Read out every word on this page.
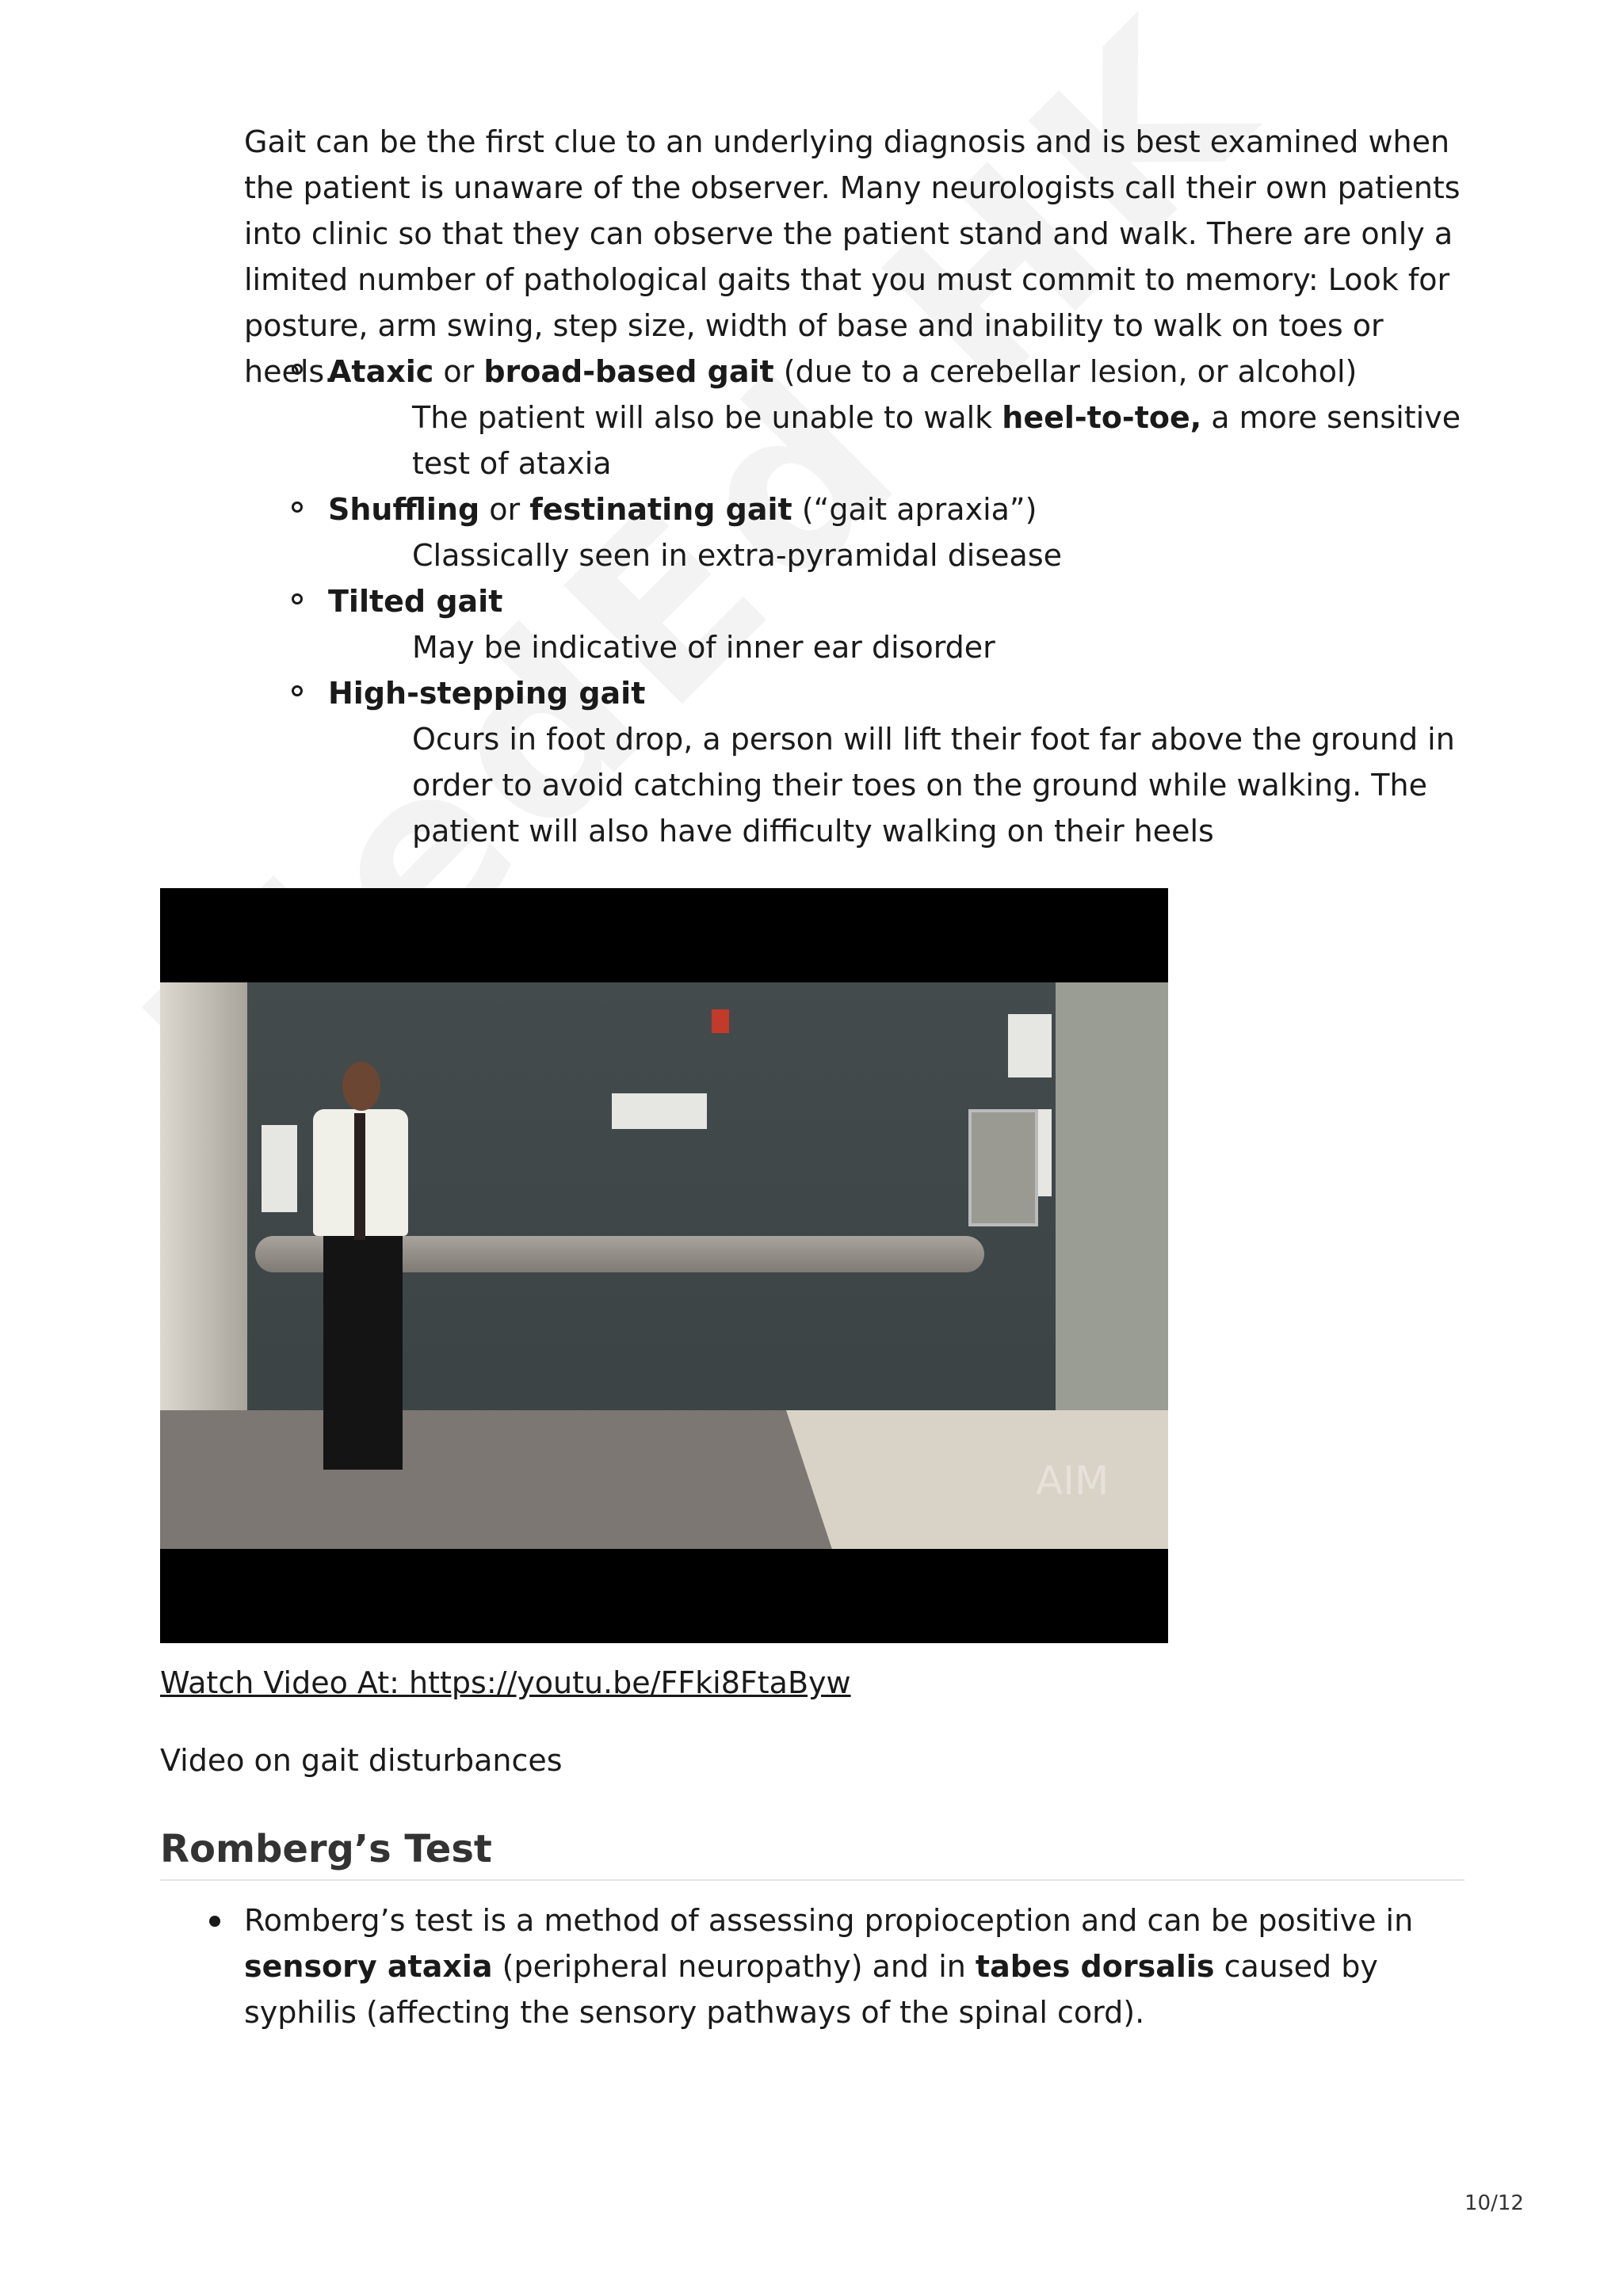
Gait can be the first clue to an underlying diagnosis and is best examined when the patient is unaware of the observer. Many neurologists call their own patients into clinic so that they can observe the patient stand and walk. There are only a limited number of pathological gaits that you must commit to memory: Look for posture, arm swing, step size, width of base and inability to walk on toes or heels.

Ataxic or broad-based gait (due to a cerebellar lesion, or alcohol)
The patient will also be unable to walk heel-to-toe, a more sensitive test of ataxia
Shuffling or festinating gait (“gait apraxia”)
Classically seen in extra-pyramidal disease
Tilted gait
May be indicative of inner ear disorder
High-stepping gait
Ocurs in foot drop, a person will lift their foot far above the ground in order to avoid catching their toes on the ground while walking. The patient will also have difficulty walking on their heels
AIM
Watch Video At: https://youtu.be/FFki8FtaByw
Video on gait disturbances
Romberg’s Test
Romberg’s test is a method of assessing propioception and can be positive in sensory ataxia (peripheral neuropathy) and in tabes dorsalis caused by syphilis (affecting the sensory pathways of the spinal cord).
10/12
